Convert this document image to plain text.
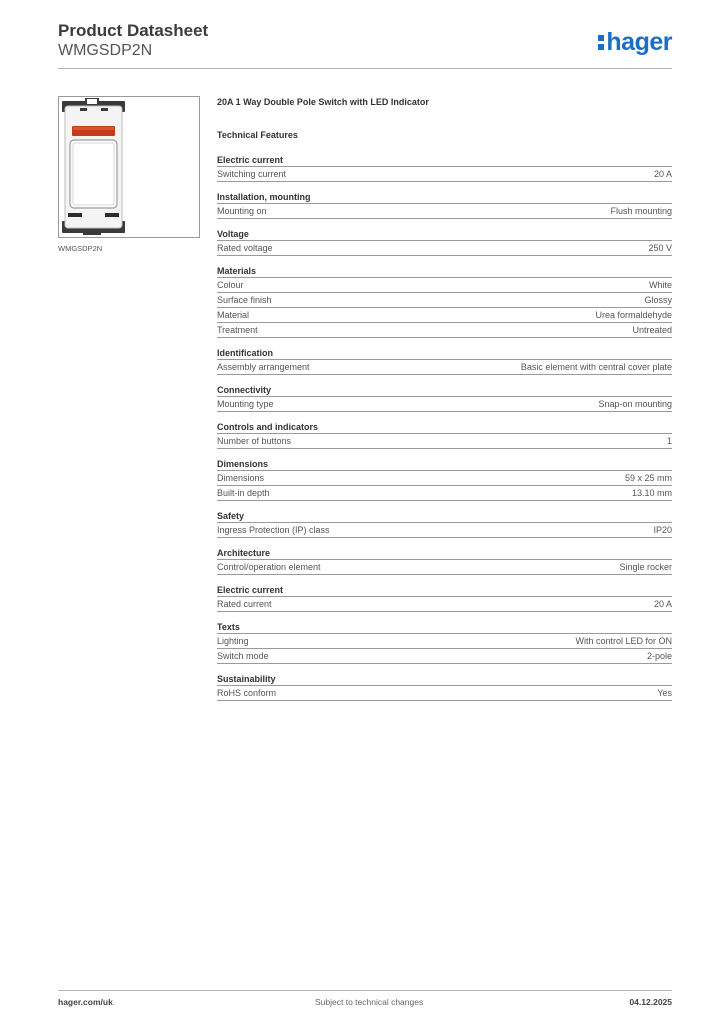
Product Datasheet
WMGSDP2N	hager
WMGSDP2N
20A 1 Way Double Pole Switch with LED Indicator
Technical Features
Electric current
Switching current	20 A
Installation, mounting
Mounting on	Flush mounting
Voltage
Rated voltage	250 V
Materials
Colour	White
Surface finish	Glossy
Material	Urea formaldehyde
Treatment	Untreated
Identification
Assembly arrangement	Basic element with central cover plate
Connectivity
Mounting type	Snap-on mounting
Controls and indicators
Number of buttons	1
Dimensions
Dimensions	59 x 25 mm
Built-in depth	13.10 mm
Safety
Ingress Protection (IP) class	IP20
Architecture
Control/operation element	Single rocker
Electric current
Rated current	20 A
Texts
Lighting	With control LED for ON
Switch mode	2-pole
Sustainability
RoHS conform	Yes
hager.com/uk	Subject to technical changes	04.12.2025
